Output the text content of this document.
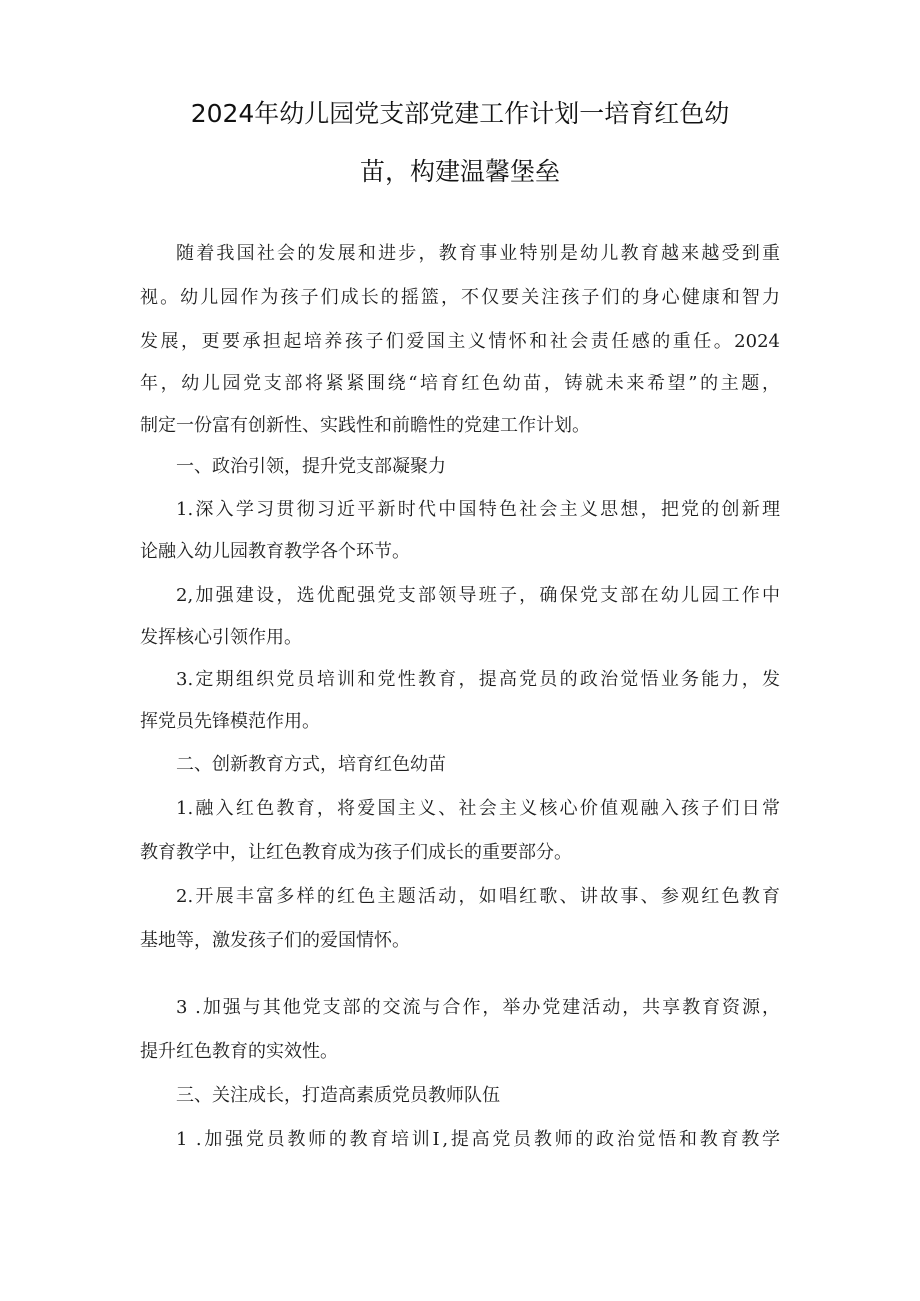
2024年幼儿园党支部党建工作计划一培育红色幼
苗，构建温馨堡垒
随着我国社会的发展和进步，教育事业特别是幼儿教育越来越受到重
视。幼儿园作为孩子们成长的摇篮，不仅要关注孩子们的身心健康和智力
发展，更要承担起培养孩子们爱国主义情怀和社会责任感的重任。2024
年，幼儿园党支部将紧紧围绕“培育红色幼苗，铸就未来希望”的主题，
制定一份富有创新性、实践性和前瞻性的党建工作计划。
一、政治引领，提升党支部凝聚力
1.深入学习贯彻习近平新时代中国特色社会主义思想，把党的创新理
论融入幼儿园教育教学各个环节。
2,加强建设，选优配强党支部领导班子，确保党支部在幼儿园工作中
发挥核心引领作用。
3.定期组织党员培训和党性教育，提高党员的政治觉悟业务能力，发
挥党员先锋模范作用。
二、创新教育方式，培育红色幼苗
1.融入红色教育，将爱国主义、社会主义核心价值观融入孩子们日常
教育教学中，让红色教育成为孩子们成长的重要部分。
2.开展丰富多样的红色主题活动，如唱红歌、讲故事、参观红色教育
基地等，激发孩子们的爱国情怀。
3 .加强与其他党支部的交流与合作，举办党建活动，共享教育资源，
提升红色教育的实效性。
三、关注成长，打造高素质党员教师队伍
1 .加强党员教师的教育培训Ⅰ,提高党员教师的政治觉悟和教育教学
